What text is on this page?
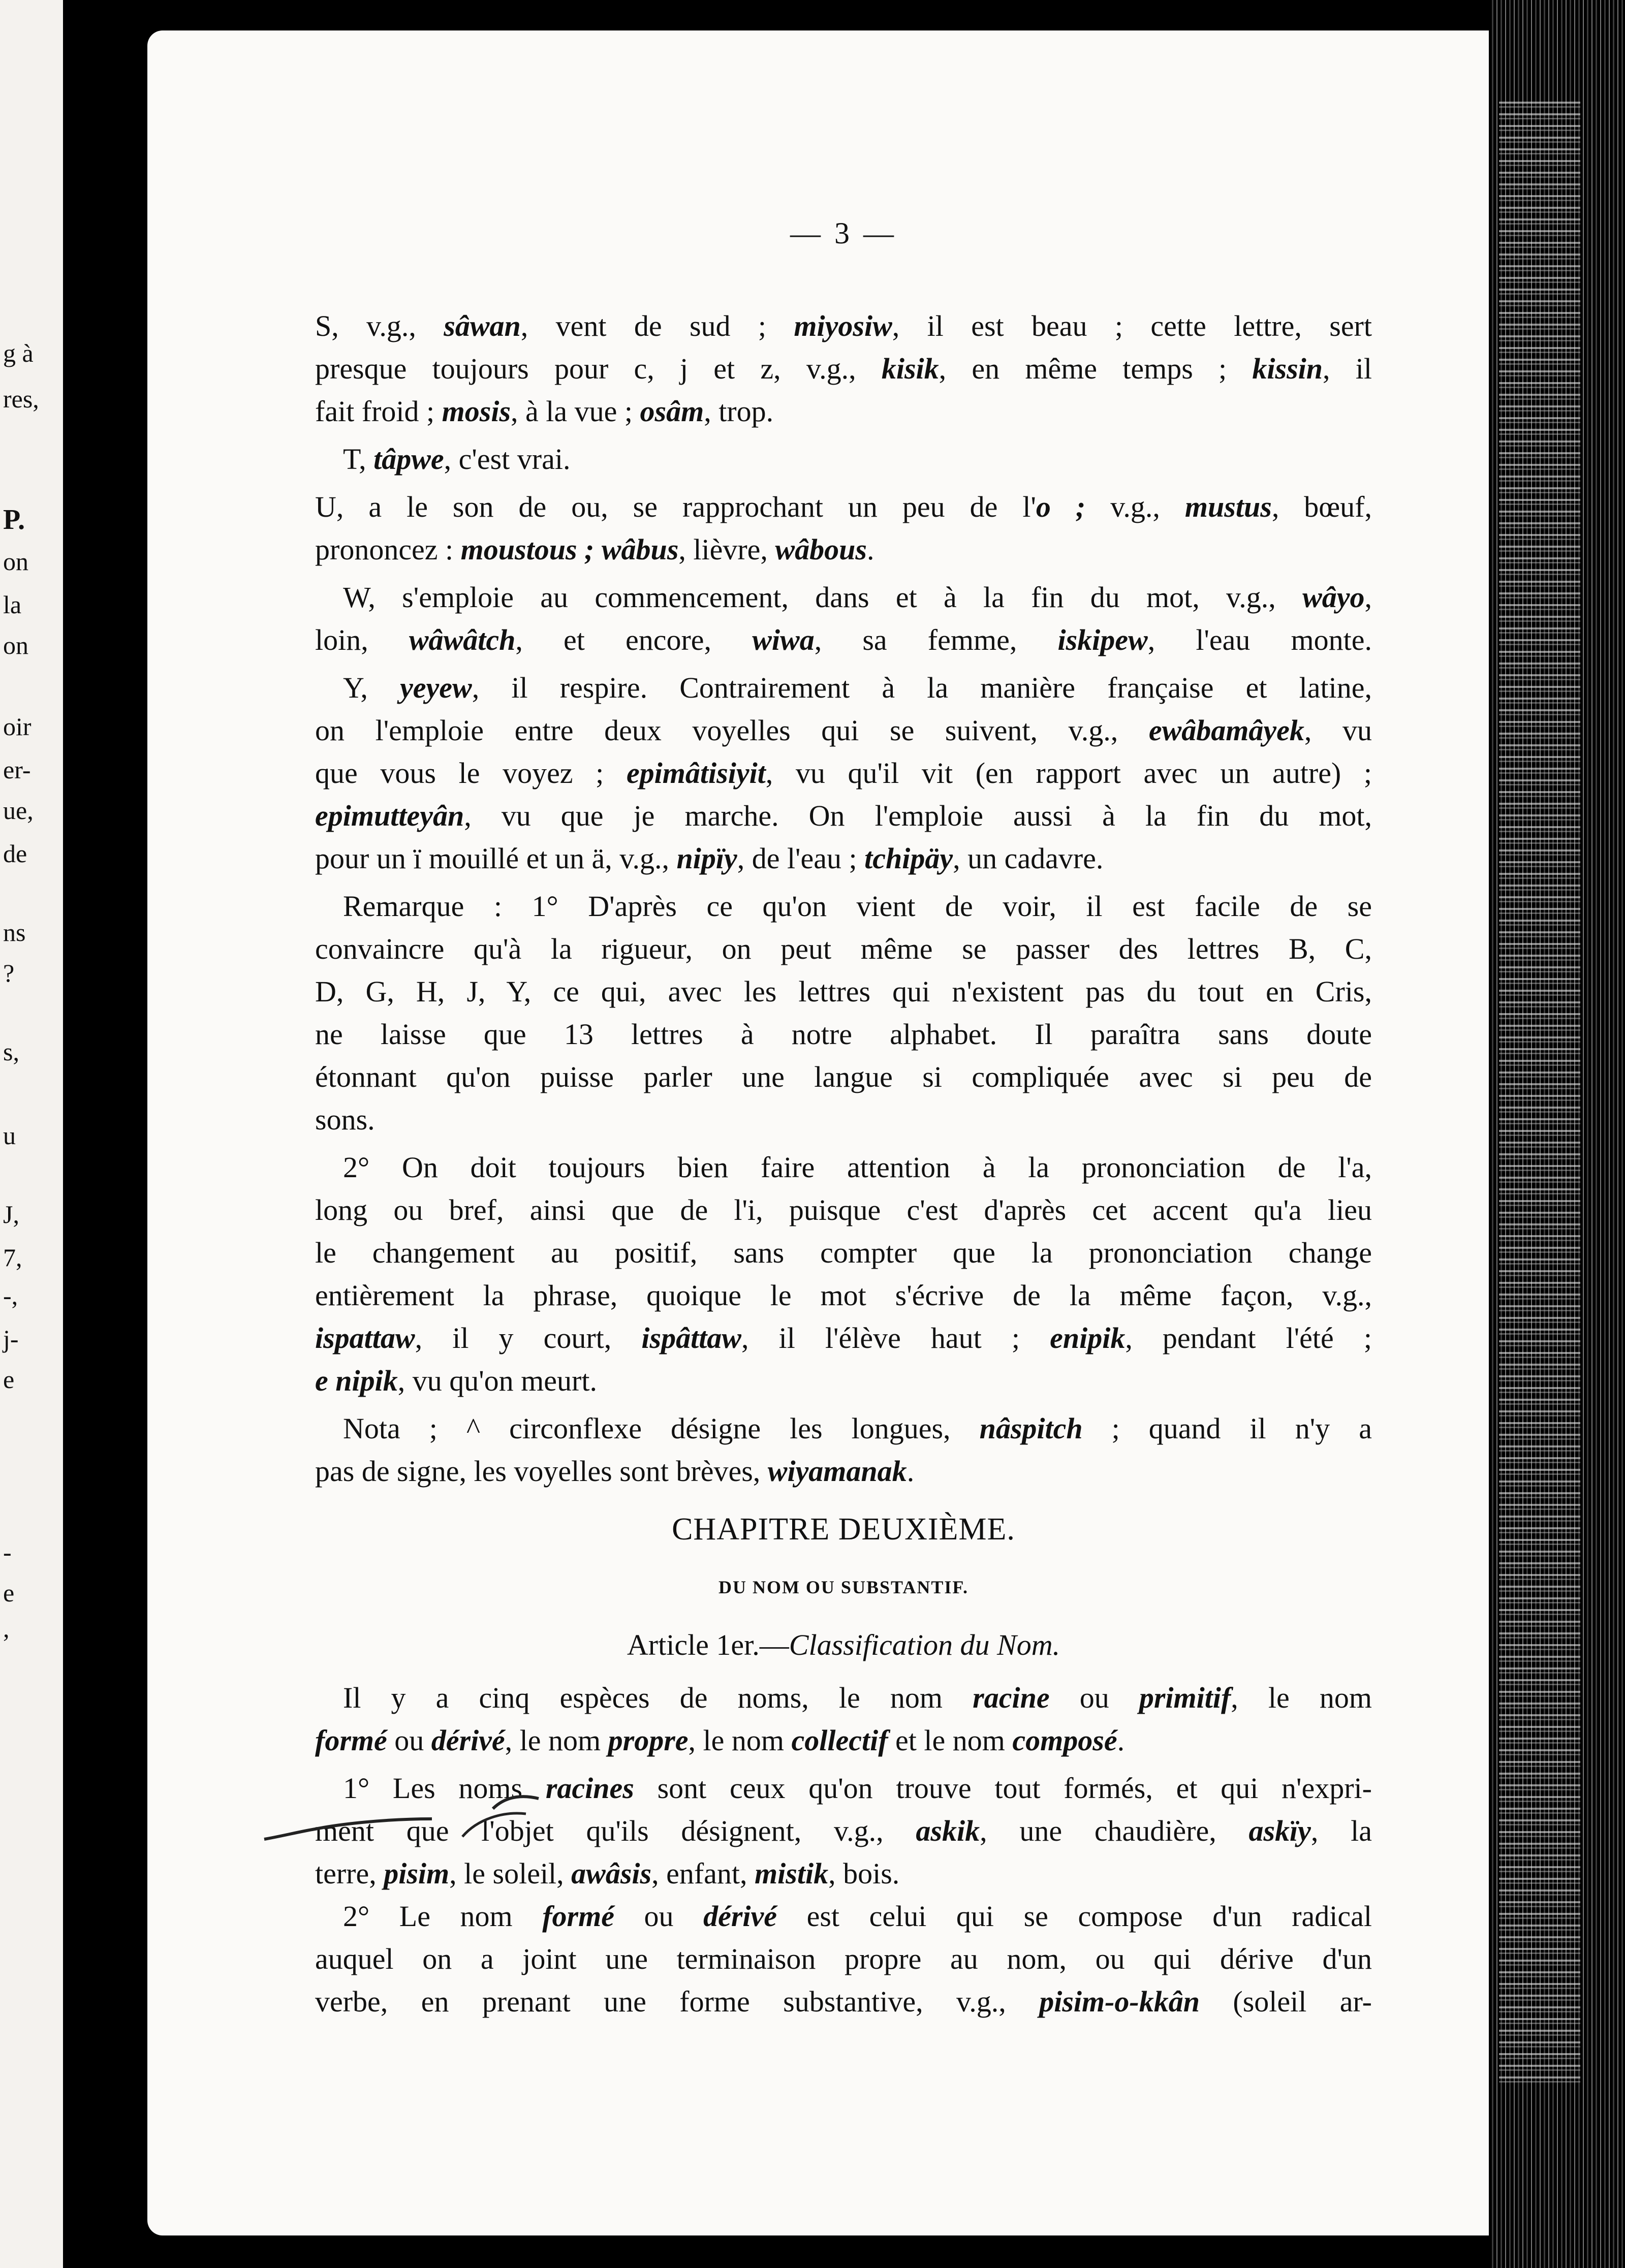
g à
res,
P.
on
la
on
oir
er-
ue,
de
ns
?
s,
u
J,
7,
-,
j-
e
-
e
,
— 3 —

S, v.g., sâwan, vent de sud ; miyosiw, il est beau ; cette lettre, sert

presque toujours pour c, j et z, v.g., kisik, en même temps ; kissin, il

fait froid ; mosis, à la vue ; osâm, trop.

T, tâpwe, c'est vrai.

U, a le son de ou, se rapprochant un peu de l'o ; v.g., mustus, bœuf,

prononcez : moustous ; wâbus, lièvre, wâbous.

W, s'emploie au commencement, dans et à la fin du mot, v.g., wâyo,

loin, wâwâtch, et encore, wiwa, sa femme, iskipew, l'eau monte.

Y, yeyew, il respire. Contrairement à la manière française et latine,

on l'emploie entre deux voyelles qui se suivent, v.g., ewâbamâyek, vu

que vous le voyez ; epimâtisiyit, vu qu'il vit (en rapport avec un autre) ;

epimutteyân, vu que je marche. On l'emploie aussi à la fin du mot,

pour un ï mouillé et un ä, v.g., nipïy, de l'eau ; tchipäy, un cadavre.

Remarque : 1° D'après ce qu'on vient de voir, il est facile de se

convaincre qu'à la rigueur, on peut même se passer des lettres B, C,

D, G, H, J, Y, ce qui, avec les lettres qui n'existent pas du tout en Cris,

ne laisse que 13 lettres à notre alphabet. Il paraîtra sans doute

étonnant qu'on puisse parler une langue si compliquée avec si peu de

sons.

2° On doit toujours bien faire attention à la prononciation de l'a,

long ou bref, ainsi que de l'i, puisque c'est d'après cet accent qu'a lieu

le changement au positif, sans compter que la prononciation change

entièrement la phrase, quoique le mot s'écrive de la même façon, v.g.,

ispattaw, il y court, ispâttaw, il l'élève haut ; enipik, pendant l'été ;

e nipik, vu qu'on meurt.

Nota ; ^ circonflexe désigne les longues, nâspitch ; quand il n'y a

pas de signe, les voyelles sont brèves, wiyamanak.

CHAPITRE DEUXIÈME.
DU NOM OU SUBSTANTIF.
Article 1er.—Classification du Nom.

Il y a cinq espèces de noms, le nom racine ou primitif, le nom

formé ou dérivé, le nom propre, le nom collectif et le nom composé.

1° Les noms racines sont ceux qu'on trouve tout formés, et qui n'expri-

ment que l'objet qu'ils désignent, v.g., askik, une chaudière, askïy, la

terre, pisim, le soleil, awâsis, enfant, mistik, bois.

2° Le nom formé ou dérivé est celui qui se compose d'un radical

auquel on a joint une terminaison propre au nom, ou qui dérive d'un

verbe, en prenant une forme substantive, v.g., pisim-o-kkân (soleil ar-
